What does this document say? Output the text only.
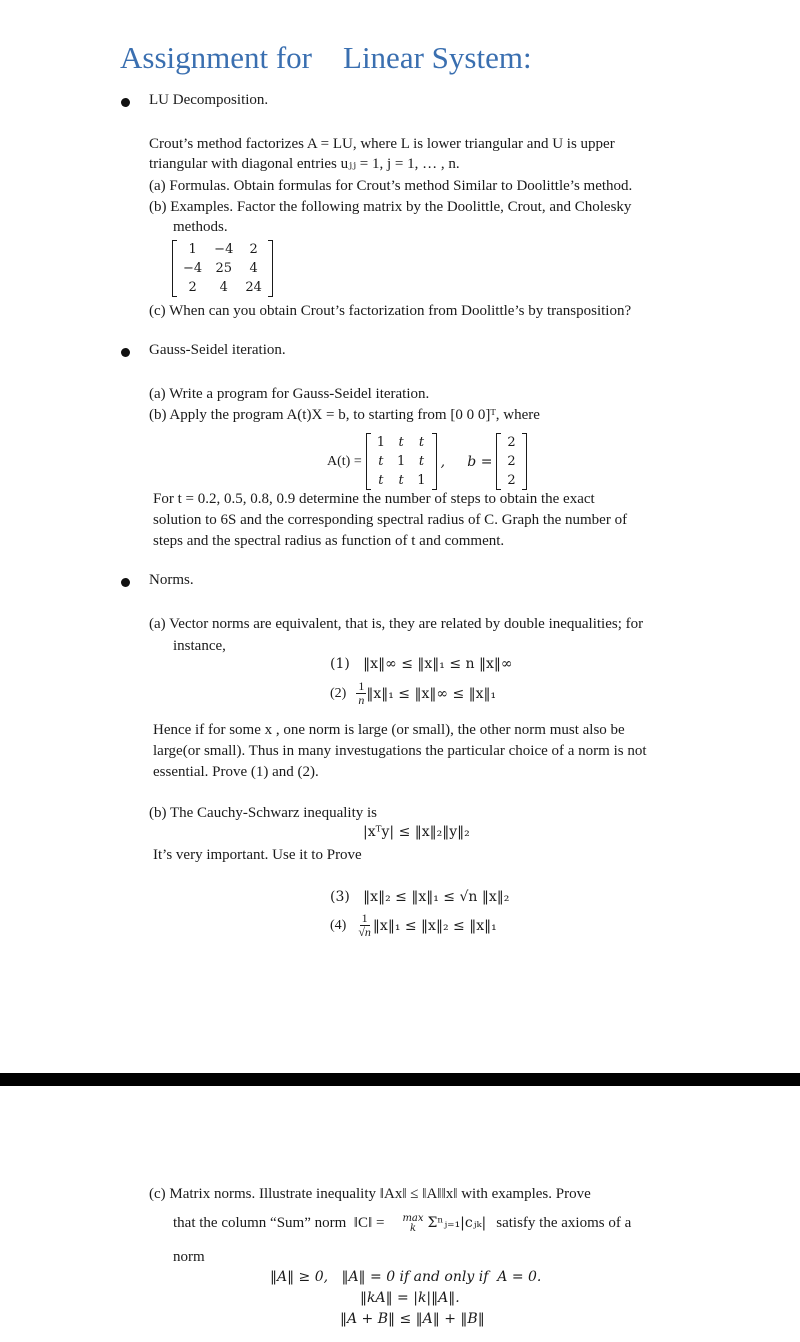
Assignment for    Linear System:
LU Decomposition.
Crout’s method factorizes A = LU, where L is lower triangular and U is upper
triangular with diagonal entries uⱼⱼ = 1, j = 1, … , n.
(a) Formulas. Obtain formulas for Crout’s method Similar to Doolittle’s method.
(b) Examples. Factor the following matrix by the Doolittle, Crout, and Cholesky
methods.
1	−4	2
−4	25	4
2	4	24
(c) When can you obtain Crout’s factorization from Doolittle’s by transposition?
Gauss-Seidel iteration.
(a) Write a program for Gauss-Seidel iteration.
(b) Apply the program A(t)X = b, to starting from [0 0 0]ᵀ, where
A(t) =
1	t	t
t	1	t
t	t	1
,     b =
2
2
2
For t = 0.2, 0.5, 0.8, 0.9 determine the number of steps to obtain the exact
solution to 6S and the corresponding spectral radius of C. Graph the number of
steps and the spectral radius as function of t and comment.
Norms.
(a) Vector norms are equivalent, that is, they are related by double inequalities; for
instance,
(1)   ‖x‖∞ ≤ ‖x‖₁ ≤ n ‖x‖∞
$(2) \frac{1}{n}$ ‖x‖₁ ≤ ‖x‖∞ ≤ ‖x‖₁
Hence if for some x , one norm is large (or small), the other norm must also be
large(or small). Thus in many investugations the particular choice of a norm is not
essential. Prove (1) and (2).
(b) The Cauchy-Schwarz inequality is
|xᵀy| ≤ ‖x‖₂‖y‖₂
It’s very important. Use it to Prove
(3)   ‖x‖₂ ≤ ‖x‖₁ ≤ √n ‖x‖₂
$(4) \frac{1}{√n}$ ‖x‖₁ ≤ ‖x‖₂ ≤ ‖x‖₁
(c) Matrix norms. Illustrate inequality ‖Ax‖ ≤ ‖A‖‖x‖ with examples. Prove
that the column “Sum” norm  ‖C‖ = max
k Σⁿⱼ₌₁|cⱼₖ| satisfy the axioms of a
norm
‖A‖ ≥ 0,   ‖A‖ = 0 if and only if  A = 0.
‖kA‖ = |k|‖A‖.
‖A + B‖ ≤ ‖A‖ + ‖B‖
